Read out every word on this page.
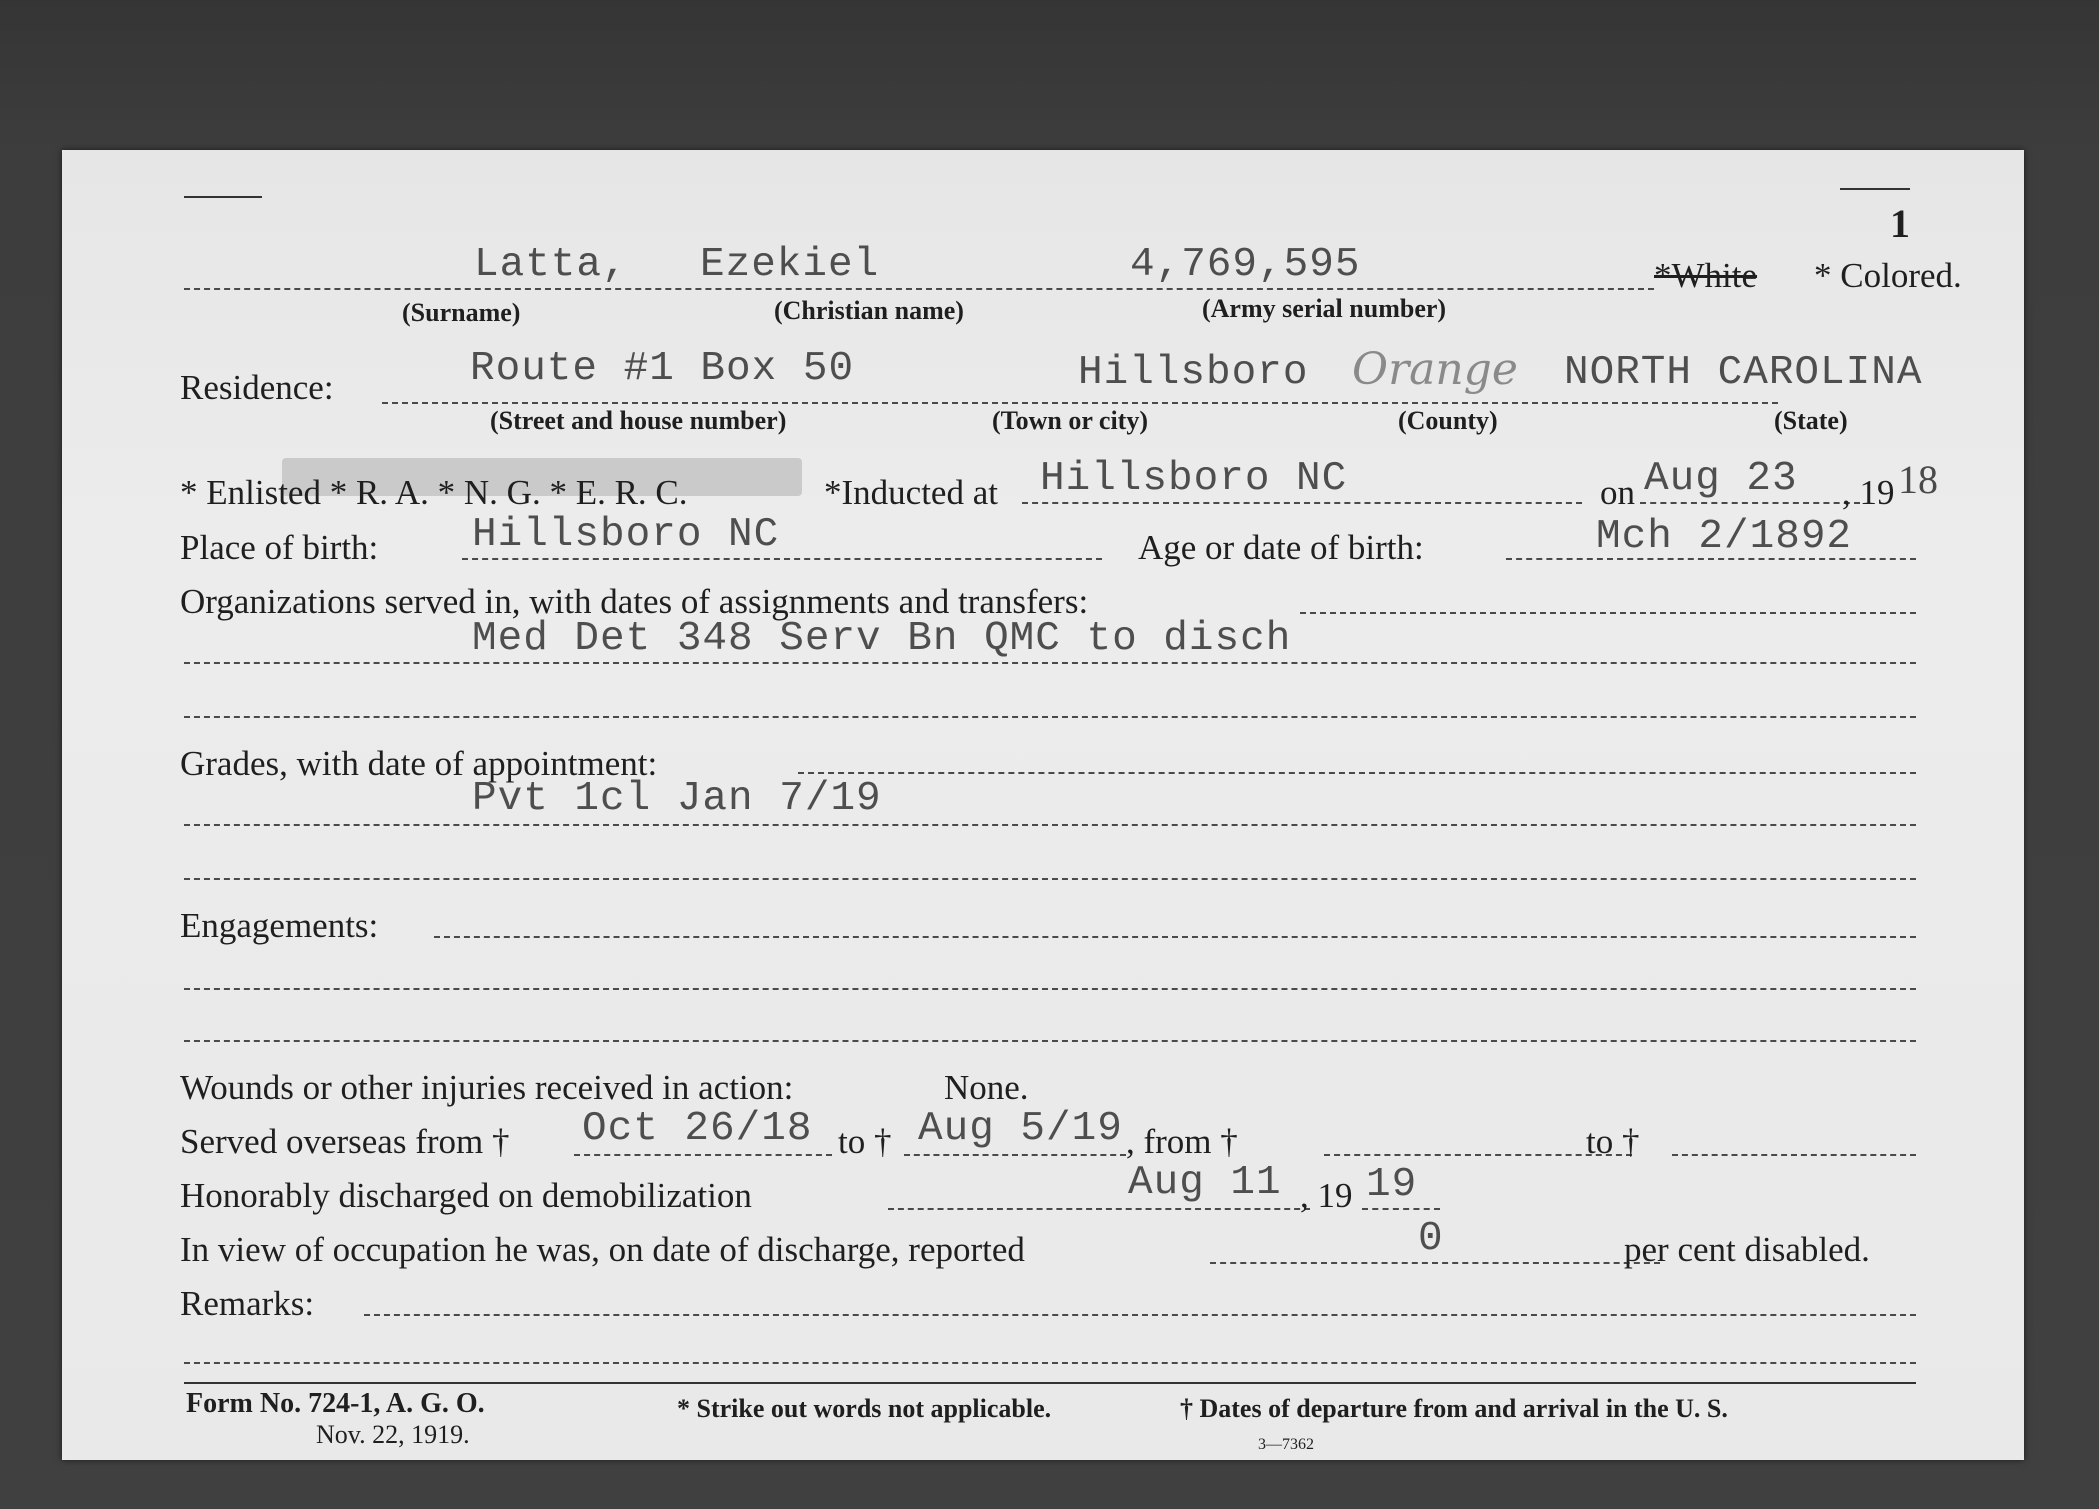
1
Latta, Ezekiel	4,769,595	*White * Colored.
(Surname)	(Christian name)	(Army serial number)
Residence:	Route #1 Box 50	Hillsboro Orange NORTH CAROLINA
(Street and house number)	(Town or city)	(County)	(State)
* Enlisted * R. A. * N. G. * E. R. C.	*Inducted at Hillsboro NC	on Aug 23 , 19 18
Place of birth: Hillsboro NC	Age or date of birth:	Mch 2/1892
Organizations served in, with dates of assignments and transfers:
Med Det 348 Serv Bn QMC to disch
Grades, with date of appointment:
Pvt 1cl Jan 7/19
Engagements:
Wounds or other injuries received in action:	None.
Served overseas from † Oct 26/18 to † Aug 5/19 , from †	to †
Honorably discharged on demobilization	Aug 11 , 19 19
In view of occupation he was, on date of discharge, reported	0	per cent disabled.
Remarks:
Form No. 724-1, A. G. O.
Nov. 22, 1919.
* Strike out words not applicable.	† Dates of departure from and arrival in the U. S.
3—7362
